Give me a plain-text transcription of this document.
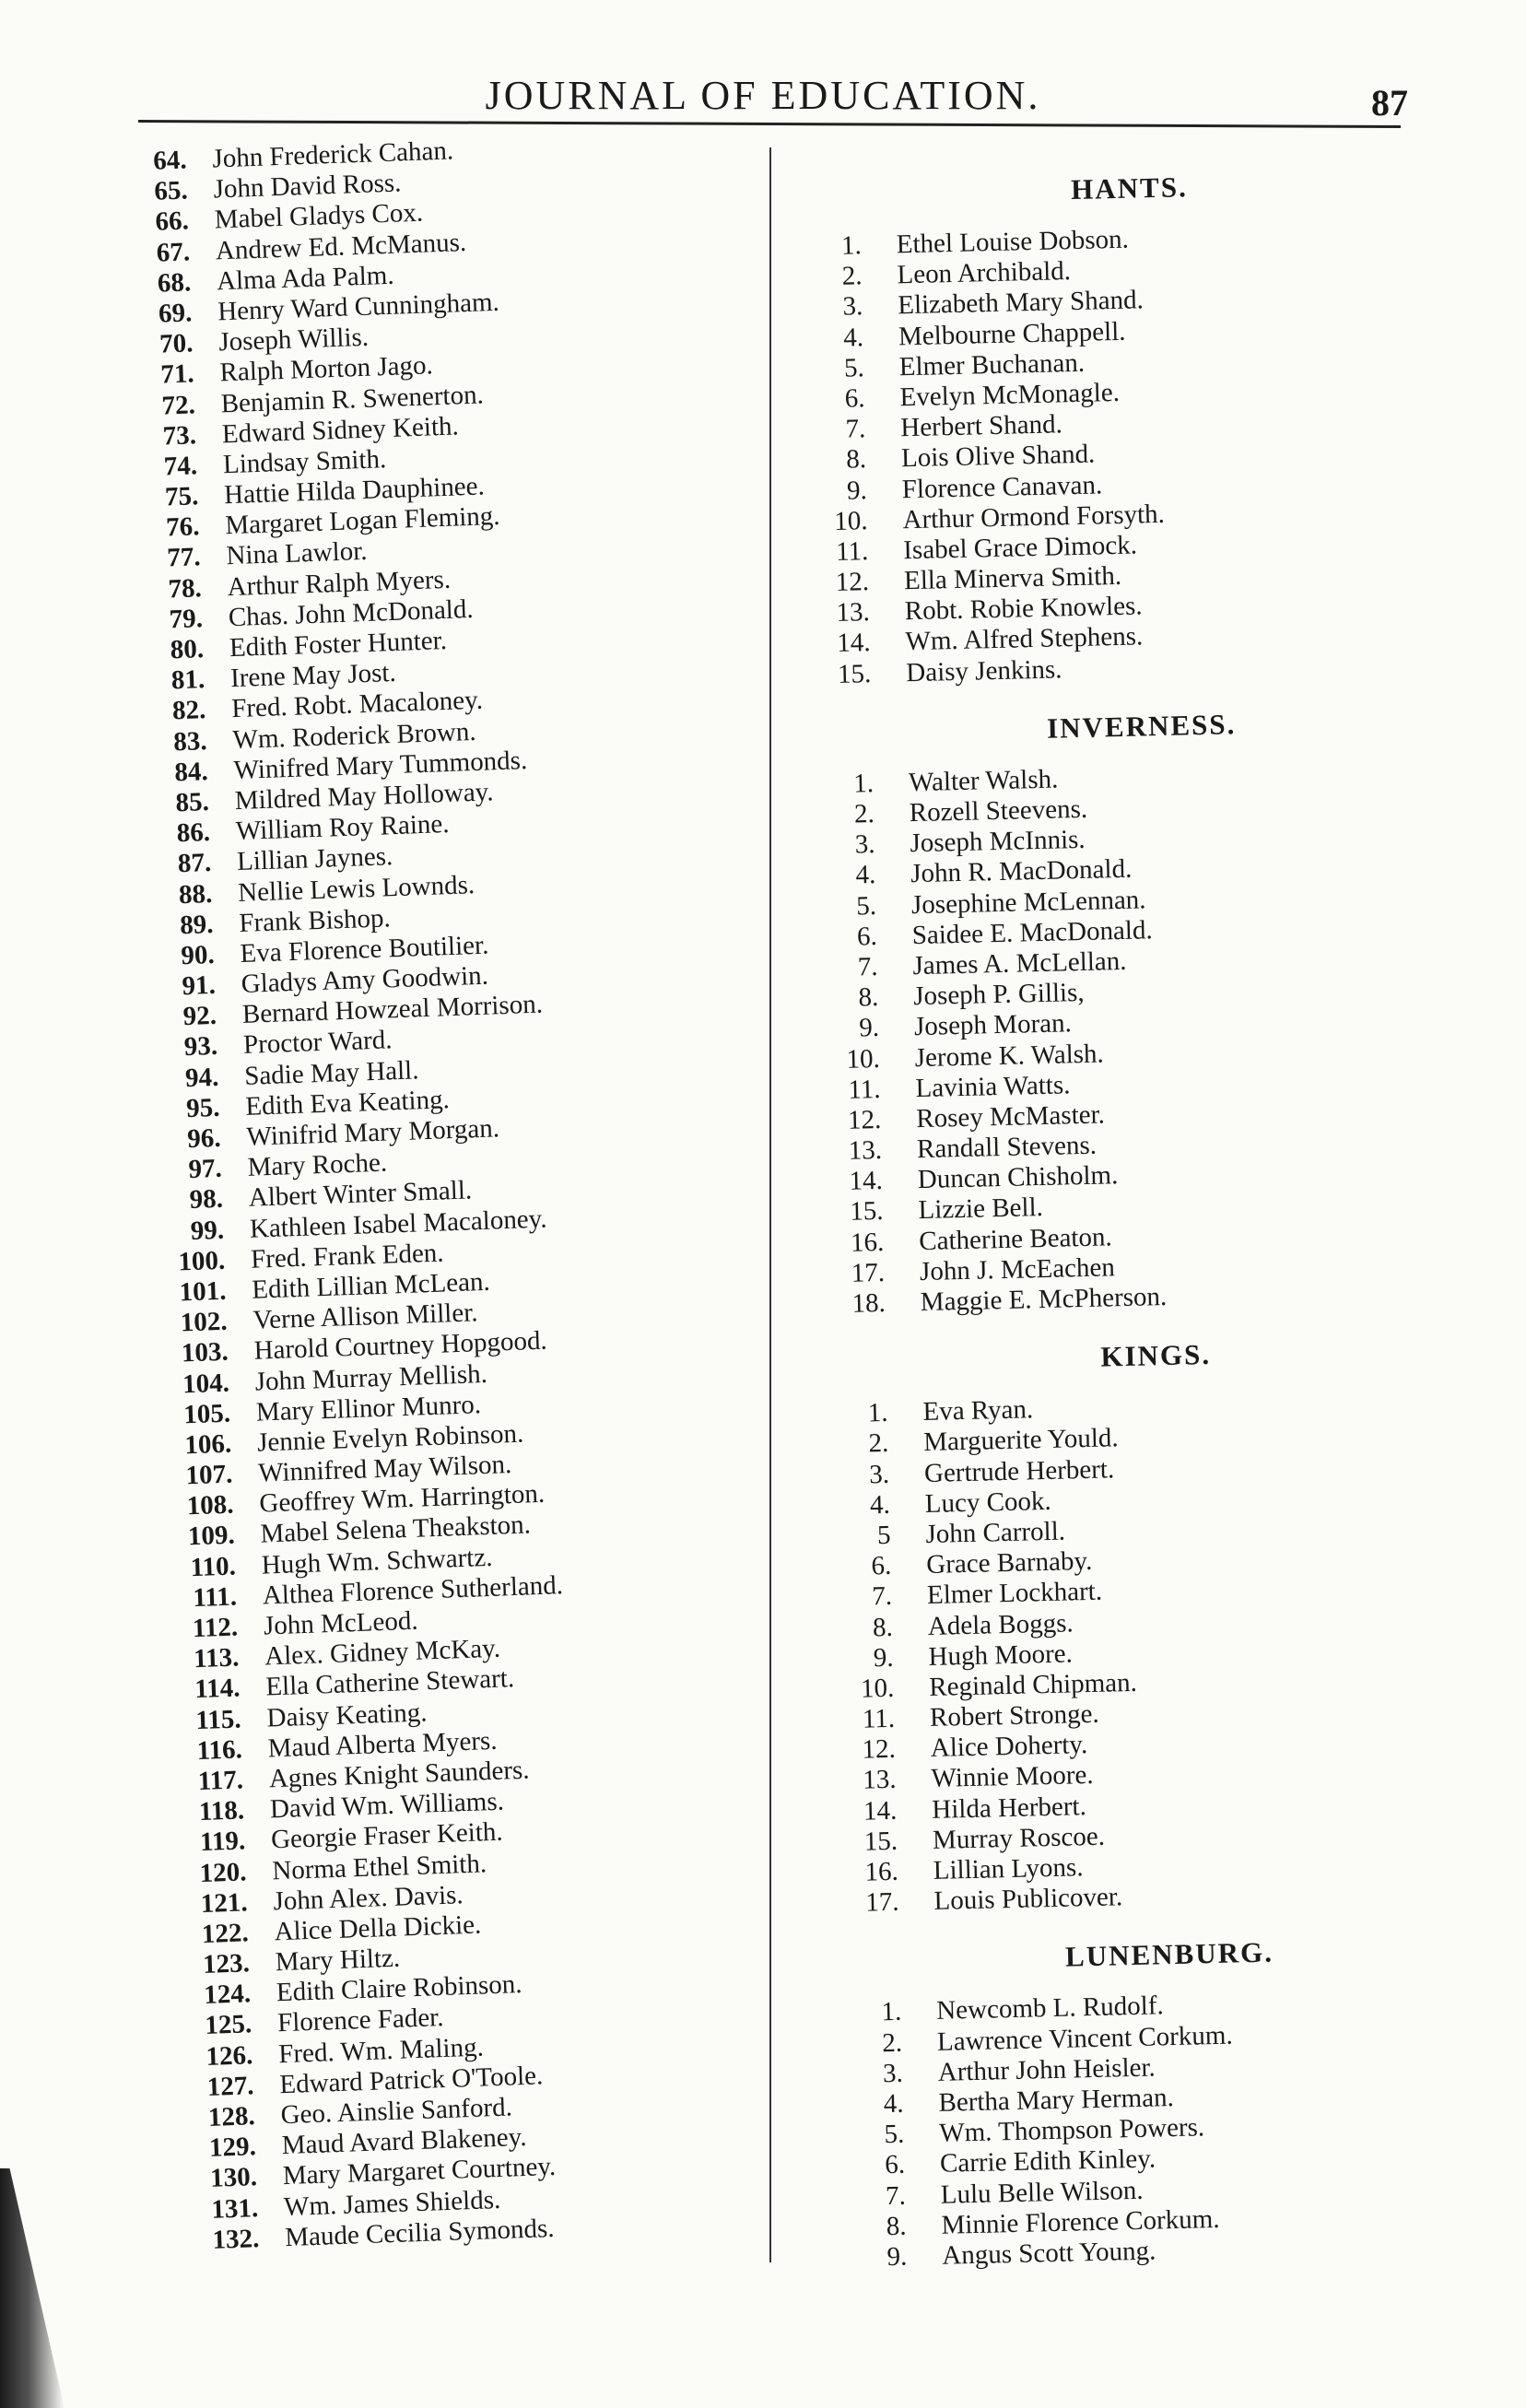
JOURNAL OF EDUCATION.	87
64. John Frederick Cahan.
65. John David Ross.
66. Mabel Gladys Cox.
67. Andrew Ed. McManus.
68. Alma Ada Palm.
69. Henry Ward Cunningham.
70. Joseph Willis.
71. Ralph Morton Jago.
72. Benjamin R. Swenerton.
73. Edward Sidney Keith.
74. Lindsay Smith.
75. Hattie Hilda Dauphinee.
76. Margaret Logan Fleming.
77. Nina Lawlor.
78. Arthur Ralph Myers.
79. Chas. John McDonald.
80. Edith Foster Hunter.
81. Irene May Jost.
82. Fred. Robt. Macaloney.
83. Wm. Roderick Brown.
84. Winifred Mary Tummonds.
85. Mildred May Holloway.
86. William Roy Raine.
87. Lillian Jaynes.
88. Nellie Lewis Lownds.
89. Frank Bishop.
90. Eva Florence Boutilier.
91. Gladys Amy Goodwin.
92. Bernard Howzeal Morrison.
93. Proctor Ward.
94. Sadie May Hall.
95. Edith Eva Keating.
96. Winifrid Mary Morgan.
97. Mary Roche.
98. Albert Winter Small.
99. Kathleen Isabel Macaloney.
100. Fred. Frank Eden.
101. Edith Lillian McLean.
102. Verne Allison Miller.
103. Harold Courtney Hopgood.
104. John Murray Mellish.
105. Mary Ellinor Munro.
106. Jennie Evelyn Robinson.
107. Winnifred May Wilson.
108. Geoffrey Wm. Harrington.
109. Mabel Selena Theakston.
110. Hugh Wm. Schwartz.
111. Althea Florence Sutherland.
112. John McLeod.
113. Alex. Gidney McKay.
114. Ella Catherine Stewart.
115. Daisy Keating.
116. Maud Alberta Myers.
117. Agnes Knight Saunders.
118. David Wm. Williams.
119. Georgie Fraser Keith.
120. Norma Ethel Smith.
121. John Alex. Davis.
122. Alice Della Dickie.
123. Mary Hiltz.
124. Edith Claire Robinson.
125. Florence Fader.
126. Fred. Wm. Maling.
127. Edward Patrick O'Toole.
128. Geo. Ainslie Sanford.
129. Maud Avard Blakeney.
130. Mary Margaret Courtney.
131. Wm. James Shields.
132. Maude Cecilia Symonds.
HANTS.
1.	Ethel Louise Dobson.
2.	Leon Archibald.
3.	Elizabeth Mary Shand.
4.	Melbourne Chappell.
5.	Elmer Buchanan.
6.	Evelyn McMonagle.
7.	Herbert Shand.
8.	Lois Olive Shand.
9.	Florence Canavan.
10.	Arthur Ormond Forsyth.
11.	Isabel Grace Dimock.
12.	Ella Minerva Smith.
13.	Robt. Robie Knowles.
14.	Wm. Alfred Stephens.
15.	Daisy Jenkins.
INVERNESS.
1.	Walter Walsh.
2.	Rozell Steevens.
3.	Joseph McInnis.
4.	John R. MacDonald.
5.	Josephine McLennan.
6.	Saidee E. MacDonald.
7.	James A. McLellan.
8.	Joseph P. Gillis,
9.	Joseph Moran.
10.	Jerome K. Walsh.
11.	Lavinia Watts.
12.	Rosey McMaster.
13.	Randall Stevens.
14.	Duncan Chisholm.
15.	Lizzie Bell.
16.	Catherine Beaton.
17.	John J. McEachen
18.	Maggie E. McPherson.
KINGS.
1.	Eva Ryan.
2.	Marguerite Yould.
3.	Gertrude Herbert.
4.	Lucy Cook.
5	John Carroll.
6.	Grace Barnaby.
7.	Elmer Lockhart.
8.	Adela Boggs.
9.	Hugh Moore.
10.	Reginald Chipman.
11.	Robert Stronge.
12.	Alice Doherty.
13.	Winnie Moore.
14.	Hilda Herbert.
15.	Murray Roscoe.
16.	Lillian Lyons.
17.	Louis Publicover.
LUNENBURG.
1.	Newcomb L. Rudolf.
2.	Lawrence Vincent Corkum.
3.	Arthur John Heisler.
4.	Bertha Mary Herman.
5.	Wm. Thompson Powers.
6.	Carrie Edith Kinley.
7.	Lulu Belle Wilson.
8.	Minnie Florence Corkum.
9.	Angus Scott Young.
